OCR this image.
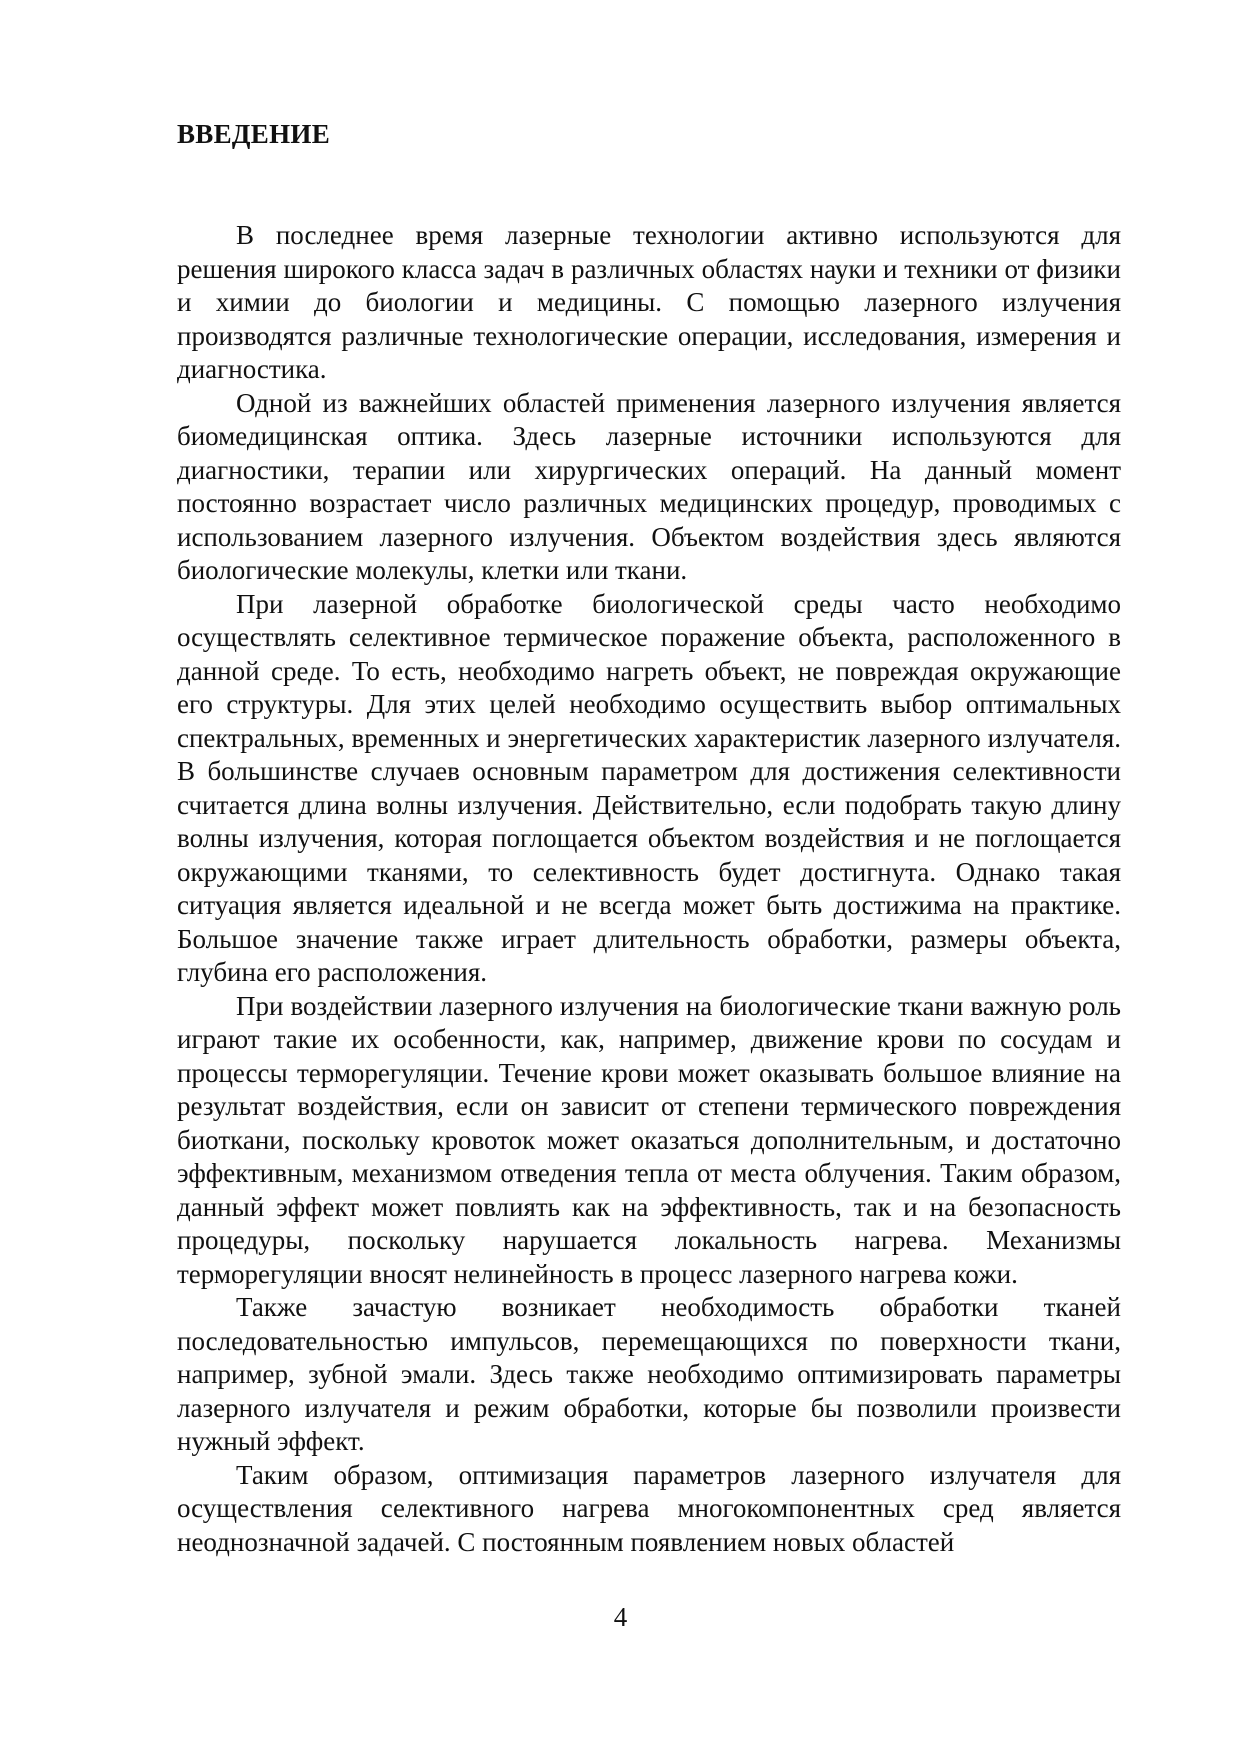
ВВЕДЕНИЕ

В последнее время лазерные технологии активно используются для решения широкого класса задач в различных областях науки и техники от физики и химии до биологии и медицины. С помощью лазерного излучения производятся различные технологические операции, исследования, измерения и диагностика.

Одной из важнейших областей применения лазерного излучения является биомедицинская оптика. Здесь лазерные источники используются для диагностики, терапии или хирургических операций. На данный момент постоянно возрастает число различных медицинских процедур, проводимых с использованием лазерного излучения. Объектом воздействия здесь являются биологические молекулы, клетки или ткани.

При лазерной обработке биологической среды часто необходимо осуществлять селективное термическое поражение объекта, расположенного в данной среде. То есть, необходимо нагреть объект, не повреждая окружающие его структуры. Для этих целей необходимо осуществить выбор оптимальных спектральных, временных и энергетических характеристик лазерного излучателя. В большинстве случаев основным параметром для достижения селективности считается длина волны излучения. Действительно, если подобрать такую длину волны излучения, которая поглощается объектом воздействия и не поглощается окружающими тканями, то селективность будет достигнута. Однако такая ситуация является идеальной и не всегда может быть достижима на практике. Большое значение также играет длительность обработки, размеры объекта, глубина его расположения.

При воздействии лазерного излучения на биологические ткани важную роль играют такие их особенности, как, например, движение крови по сосудам и процессы терморегуляции. Течение крови может оказывать большое влияние на результат воздействия, если он зависит от степени термического повреждения биоткани, поскольку кровоток может оказаться дополнительным, и достаточно эффективным, механизмом отведения тепла от места облучения. Таким образом, данный эффект может повлиять как на эффективность, так и на безопасность процедуры, поскольку нарушается локальность нагрева. Механизмы терморегуляции вносят нелинейность в процесс лазерного нагрева кожи.

Также зачастую возникает необходимость обработки тканей последовательностью импульсов, перемещающихся по поверхности ткани, например, зубной эмали. Здесь также необходимо оптимизировать параметры лазерного излучателя и режим обработки, которые бы позволили произвести нужный эффект.

Таким образом, оптимизация параметров лазерного излучателя для осуществления селективного нагрева многокомпонентных сред является неоднозначной задачей. С постоянным появлением новых областей

4
